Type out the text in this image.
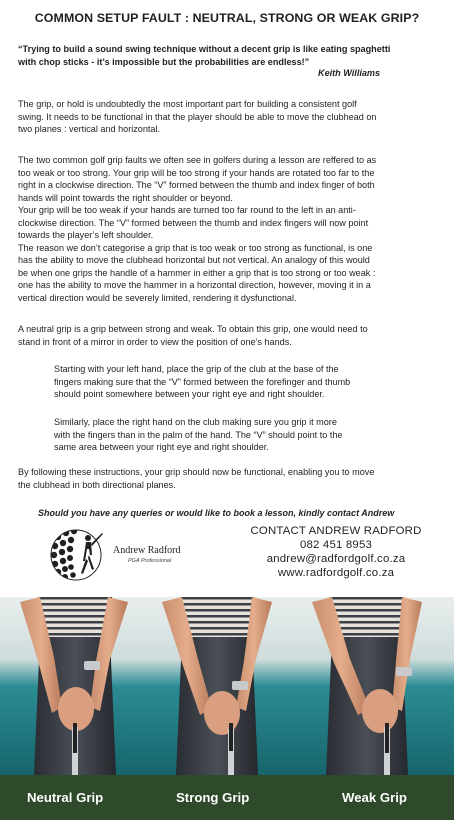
COMMON SETUP FAULT : NEUTRAL, STRONG OR WEAK GRIP?
“Trying to build a sound swing technique without a decent grip is like eating spaghetti
with chop sticks - it’s impossible but the probabilities are endless!”
Keith Williams
The grip, or hold is undoubtedly the most important part for building a consistent golf
swing. It needs to be functional in that the player should be able to move the clubhead on
two planes : vertical and horizontal.
The two common golf grip faults we often see in golfers during a lesson are reffered to as
too weak or too strong. Your grip will be too strong if your hands are rotated too far to the
right in a clockwise direction. The “V” formed between the thumb and index finger of both
hands will point towards the right shoulder or beyond.
Your grip will be too weak if your hands are turned too far round to the left in an anti-
clockwise direction. The “V” formed between the thumb and index fingers will now point
towards the player’s left shoulder.
The reason we don’t categorise a grip that is too weak or too strong as functional, is one
has the ability to move the clubhead horizontal but not vertical. An analogy of this would
be when one grips the handle of a hammer in either a grip that is too strong or too weak :
one has the ability to move the hammer in a horizontal direction, however, moving it in a
vertical direction would be severely limited, rendering it dysfunctional.
A neutral grip is a grip between strong and weak. To obtain this grip, one would need to
stand in front of a mirror in order to view the position of one’s hands.
Starting with your left hand, place the grip of the club at the base of the
fingers making sure that the “V” formed between the forefinger and thumb
should point somewhere between your right eye and right shoulder.
Similarly, place the right hand on the club making sure you grip it more
with the fingers than in the palm of the hand. The “V” should point to the
same area between your right eye and right shoulder.
By following these instructions, your grip should now be functional, enabling you to move
the clubhead in both directional planes.
Should you have any queries or would like to book a lesson, kindly contact Andrew
Andrew Radford
PGA Professional
CONTACT ANDREW RADFORD
082 451 8953
andrew@radfordgolf.co.za
www.radfordgolf.co.za
Neutral Grip	Strong Grip	Weak Grip
